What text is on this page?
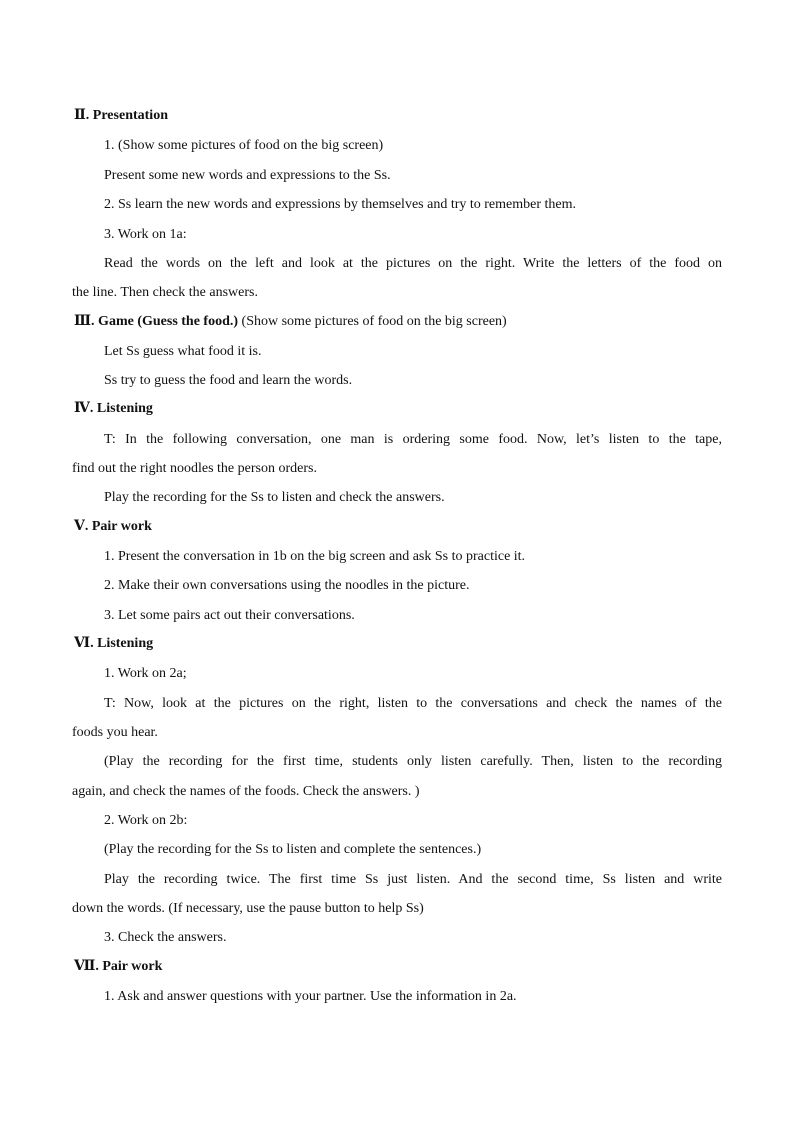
Ⅱ. Presentation
1. (Show some pictures of food on the big screen)
Present some new words and expressions to the Ss.
2. Ss learn the new words and expressions by themselves and try to remember them.
3. Work on 1a:
Read the words on the left and look at the pictures on the right. Write the letters of the food on
the line. Then check the answers.
Ⅲ. Game (Guess the food.) (Show some pictures of food on the big screen)
Let Ss guess what food it is.
Ss try to guess the food and learn the words.
Ⅳ. Listening
T: In the following conversation, one man is ordering some food. Now, let’s listen to the tape,
find out the right noodles the person orders.
Play the recording for the Ss to listen and check the answers.
Ⅴ. Pair work
1. Present the conversation in 1b on the big screen and ask Ss to practice it.
2. Make their own conversations using the noodles in the picture.
3. Let some pairs act out their conversations.
Ⅵ. Listening
1. Work on 2a;
T: Now, look at the pictures on the right, listen to the conversations and check the names of the
foods you hear.
(Play the recording for the first time, students only listen carefully. Then, listen to the recording
again, and check the names of the foods. Check the answers. )
2. Work on 2b:
(Play the recording for the Ss to listen and complete the sentences.)
Play the recording twice. The first time Ss just listen. And the second time, Ss listen and write
down the words. (If necessary, use the pause button to help Ss)
3. Check the answers.
Ⅶ. Pair work
1. Ask and answer questions with your partner. Use the information in 2a.
